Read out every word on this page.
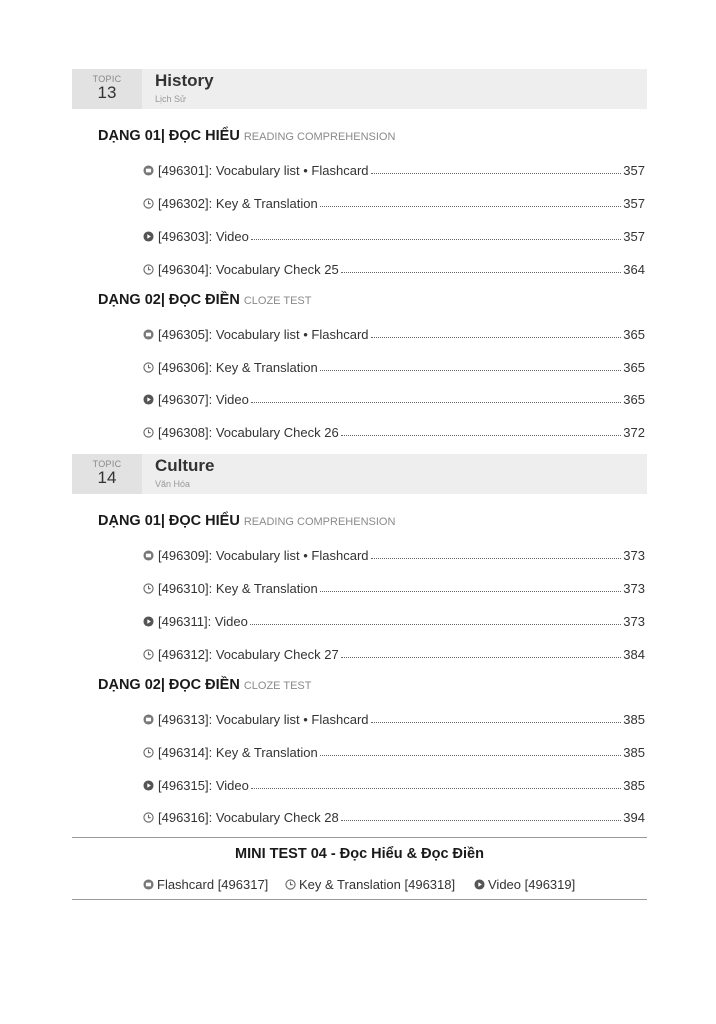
TOPIC
13
History
Lịch Sử
DẠNG 01| ĐỌC HIỂU READING COMPREHENSION
[496301]: Vocabulary list • Flashcard	357
[496302]: Key & Translation	357
[496303]: Video	357
[496304]: Vocabulary Check 25	364
DẠNG 02| ĐỌC ĐIỀN CLOZE TEST
[496305]: Vocabulary list • Flashcard	365
[496306]: Key & Translation	365
[496307]: Video	365
[496308]: Vocabulary Check 26	372
TOPIC
14
Culture
Văn Hóa
DẠNG 01| ĐỌC HIỂU READING COMPREHENSION
[496309]: Vocabulary list • Flashcard	373
[496310]: Key & Translation	373
[496311]: Video	373
[496312]: Vocabulary Check 27	384
DẠNG 02| ĐỌC ĐIỀN CLOZE TEST
[496313]: Vocabulary list • Flashcard	385
[496314]: Key & Translation	385
[496315]: Video	385
[496316]: Vocabulary Check 28	394
MINI TEST 04 - Đọc Hiểu & Đọc Điền
Flashcard [496317] Key & Translation [496318]	Video [496319]
